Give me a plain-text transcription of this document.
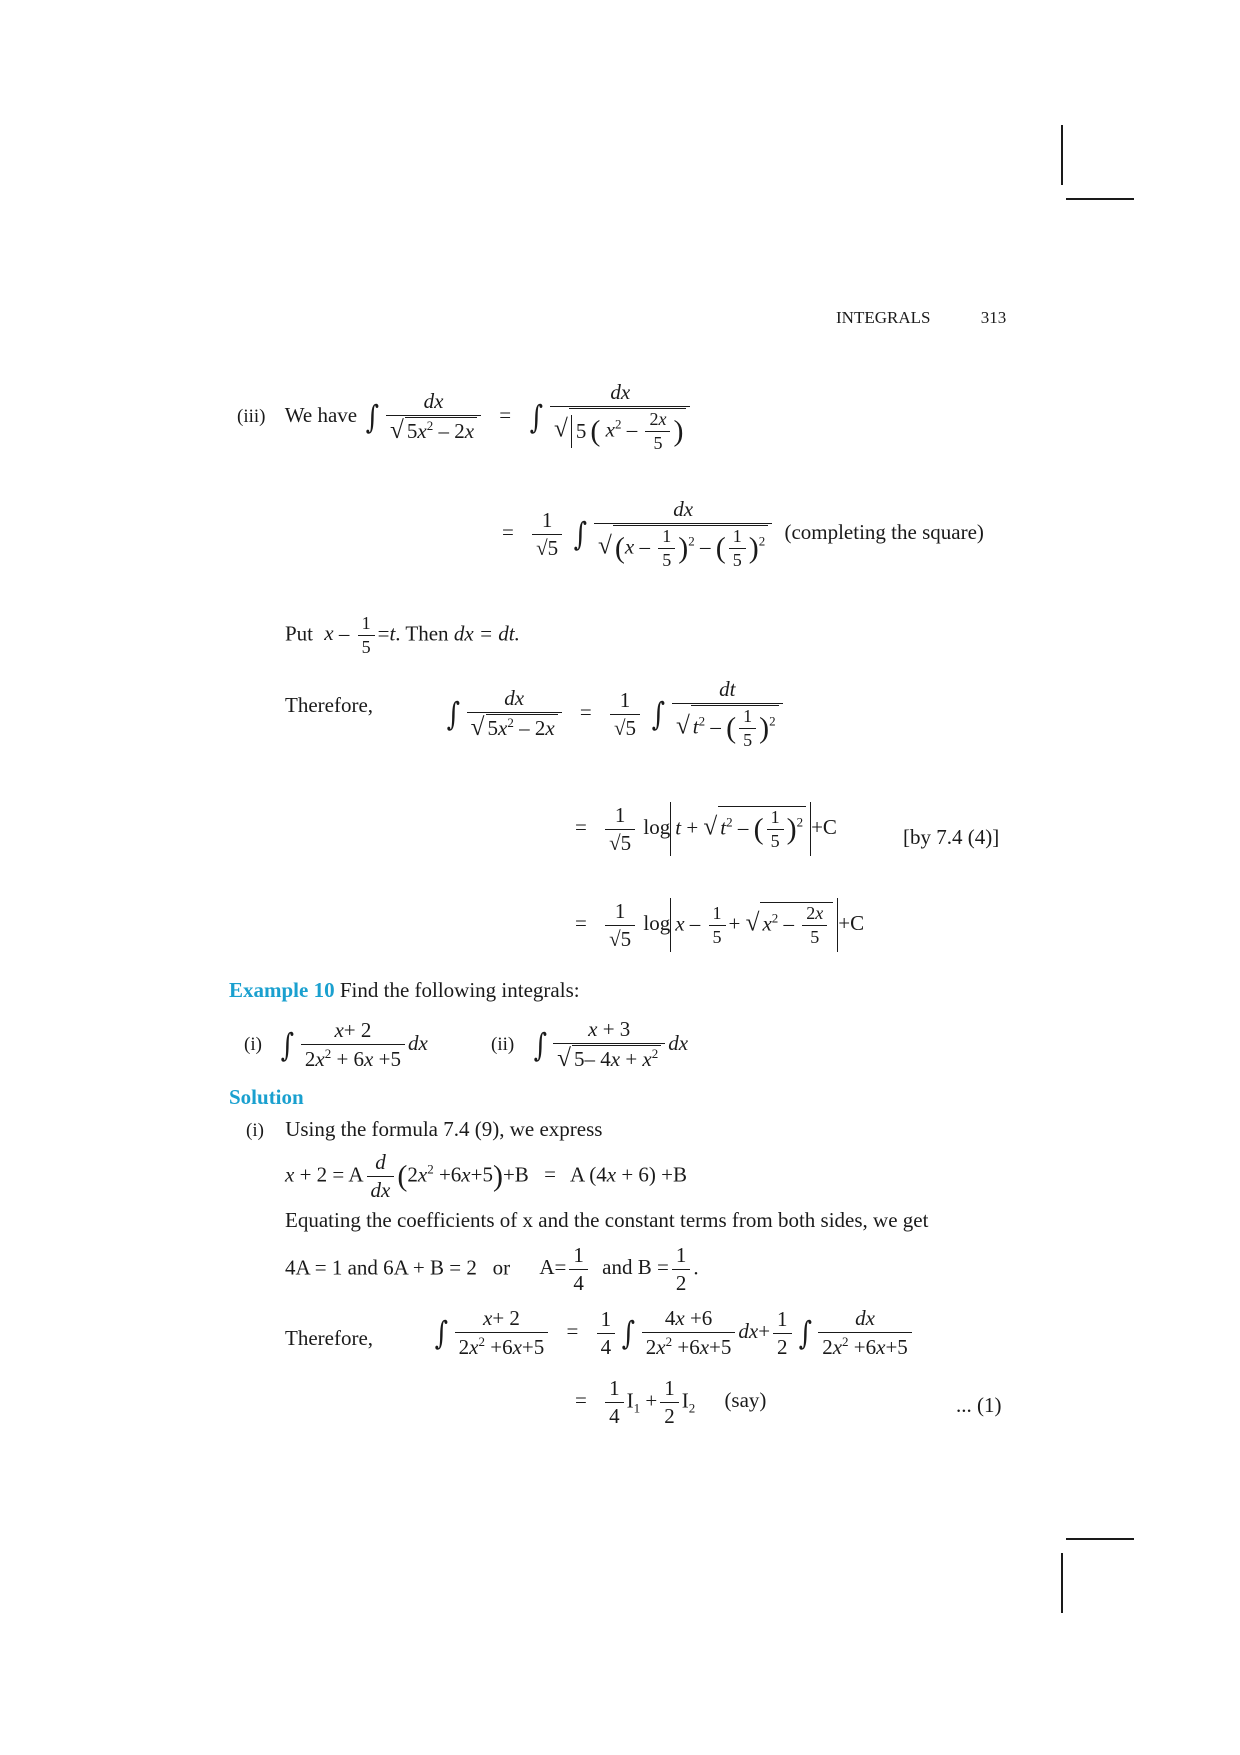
INTEGRALS	313
(iii) We have ∫ $\frac{dx}{√ 5x^2 - 2x}$ = ∫ $\frac{dx}{√ 5 ( x^2 - \frac{2x}{5} )}$
= $\frac{1}{√5}$ ∫ $\frac{dx}{√ (x - \frac{1}{5} )^2 - ( \frac{1}{5} )^2}$ (completing the square)
Put $x - \frac{1}{5} =t$. Then dx = dt.
Therefore, ∫ $\frac{dx}{√ 5x^2 - 2x} = \frac{1}{√5}$ ∫ $\frac{dt}{√ t^2 - ( \frac{1}{5} )^2}$
= $\frac{1}{√5}$ log t + √ $t^2$ – ( $\frac{1}{5} )^2 +C$	[by 7.4 (4)]
= $\frac{1}{√5}$ log x – $\frac{1}{5}$ + √ $x^2 - \frac{2x}{5} +C$
Example 10 Find the following integrals:
(i) ∫ $\frac{x+ 2}{2x^2 + 6x +5}$ dx	(ii) ∫ $\frac{x + 3}{√ 5- 4x + x^2}$ dx
Solution
(i) Using the formula 7.4 (9), we express
x + 2 = A $\frac{d}{dx} (2x^2 +6x+5)+B = A$ (4x + 6) +B
Equating the coefficients of x and the constant terms from both sides, we get
4A = 1 and 6A + B = 2   or $A= \frac{1}{4}$ and $B = \frac{1}{2}$ .
Therefore, ∫ $\frac{x+ 2}{2x^2 +6x+5} = \frac{1}{4}$ ∫ $\frac{4x +6}{2x^2 +6x+5} dx+ \frac{1}{2}$ ∫ $\frac{dx}{2x^2 +6x+5}$
= $\frac{1}{4} I_1 + \frac{1}{2} I_2$ (say)	... (1)
